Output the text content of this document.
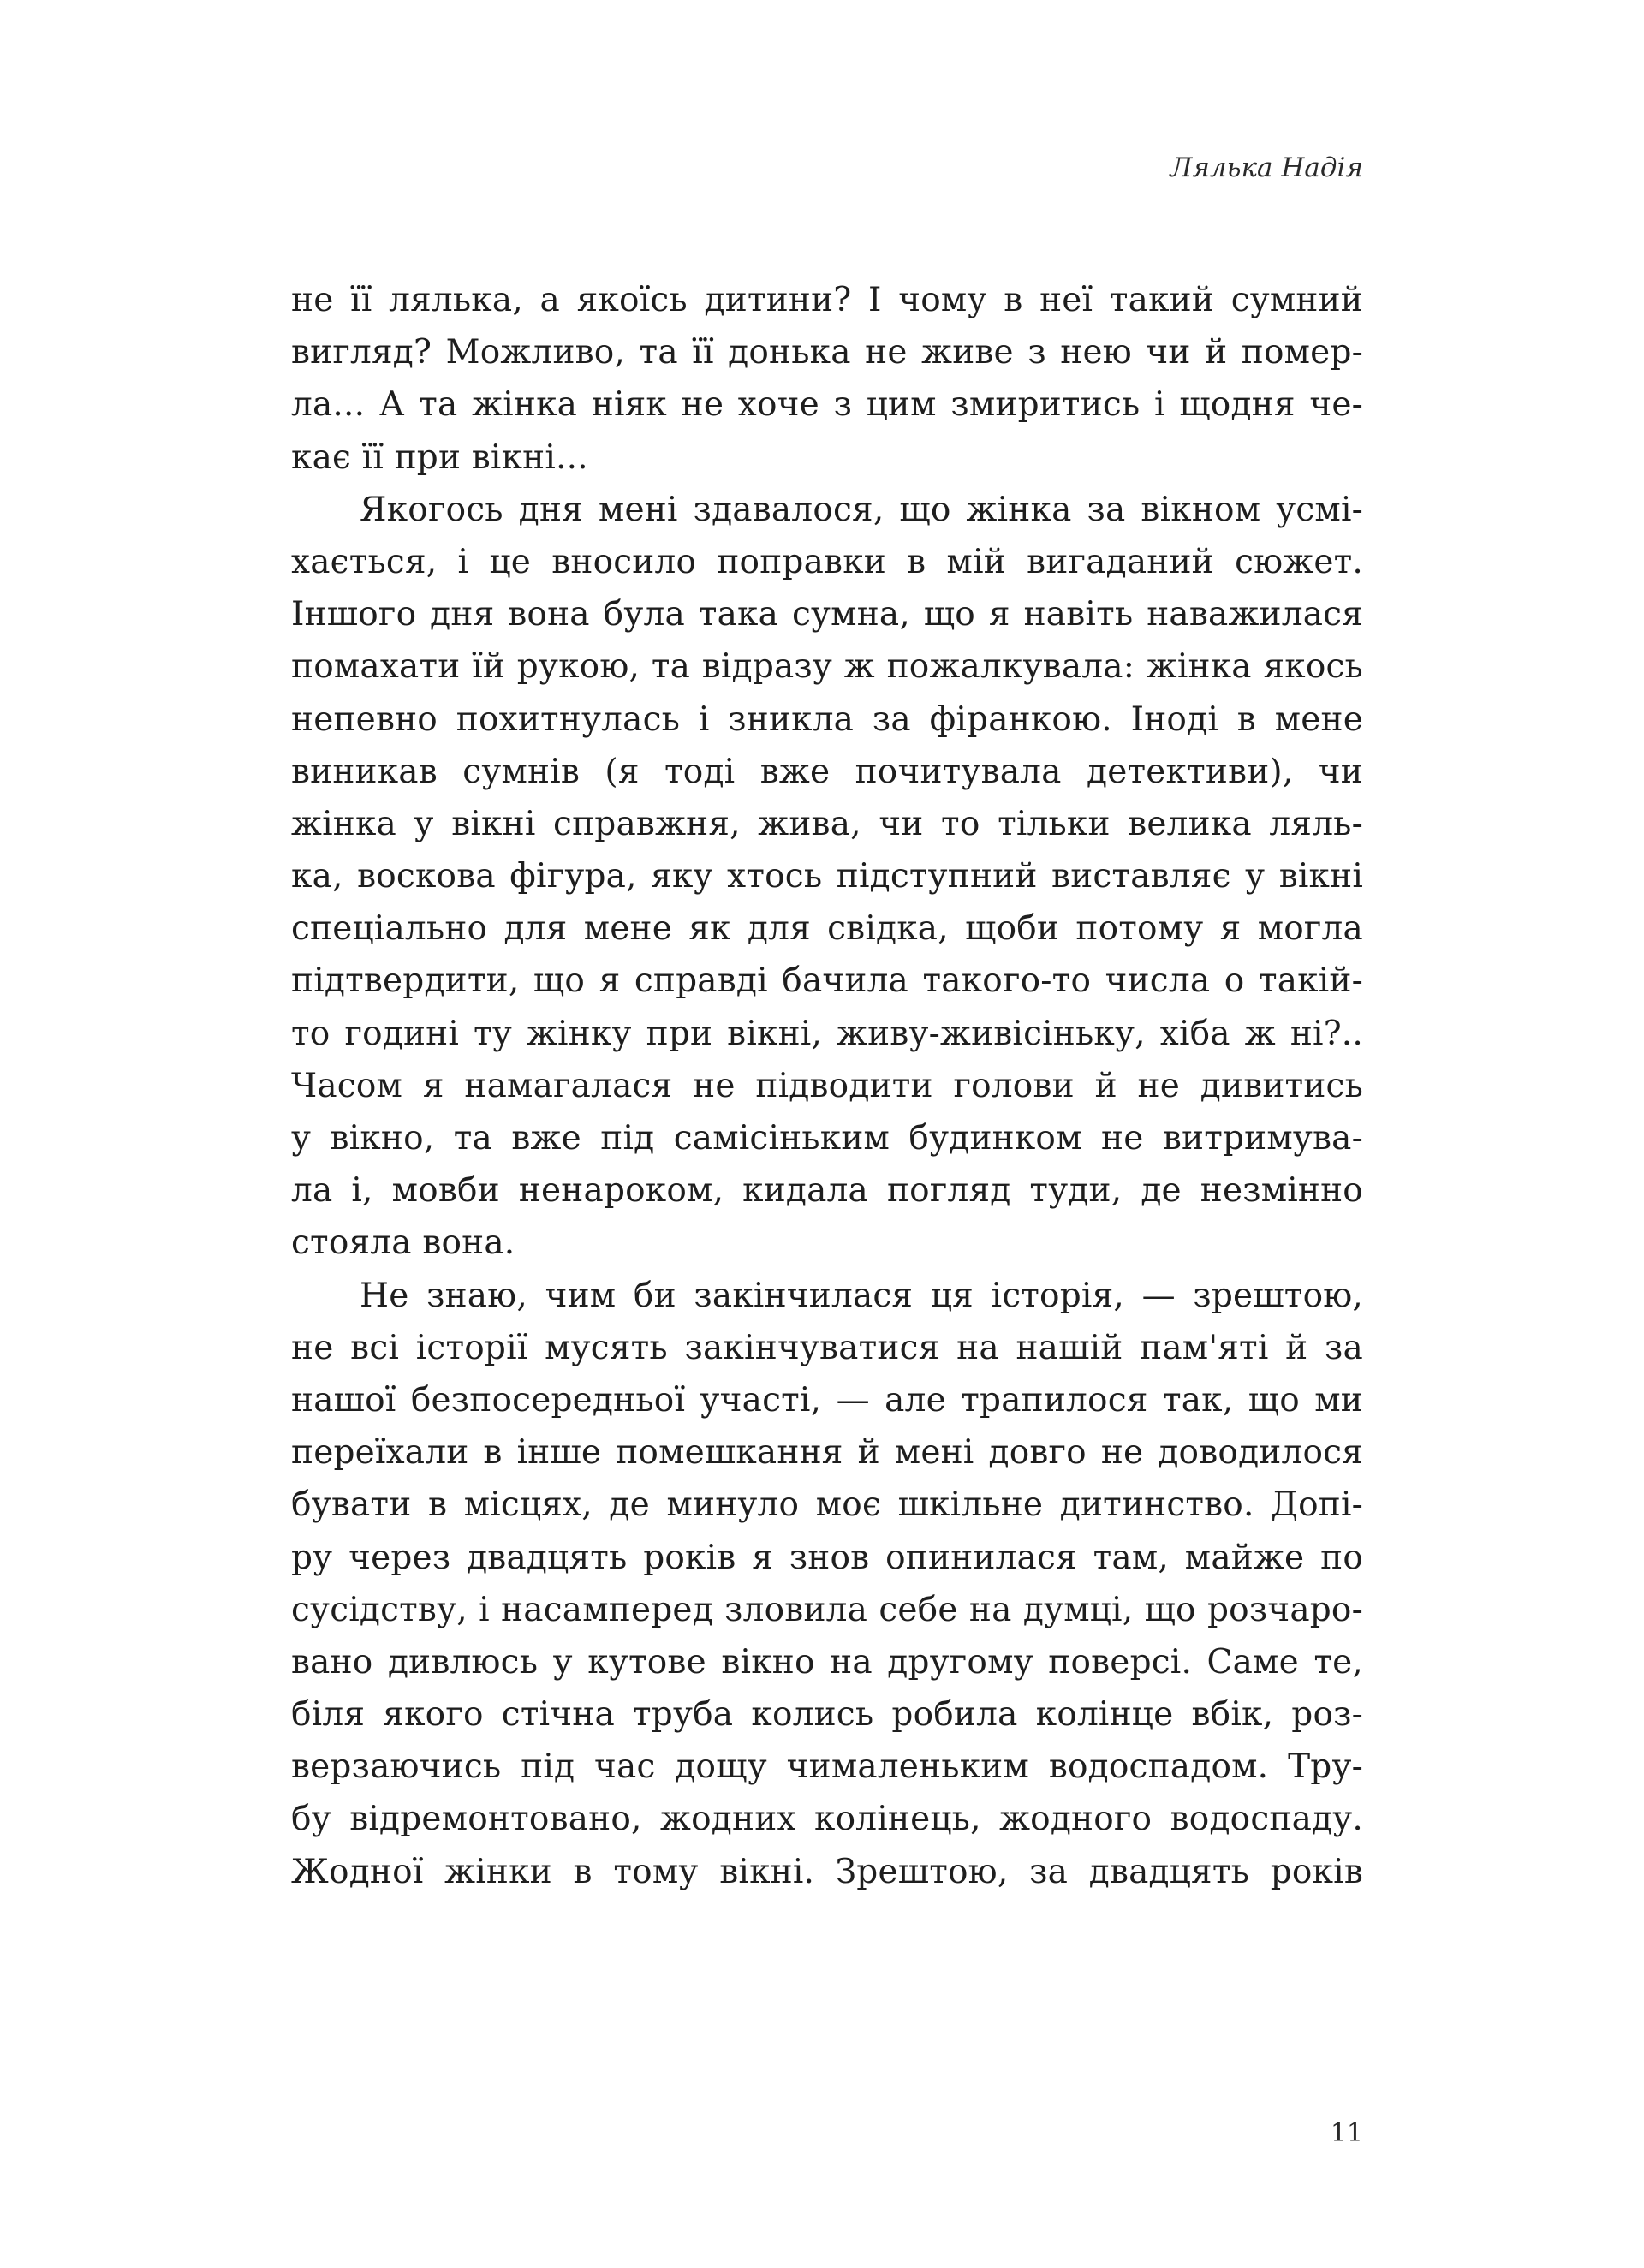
Лялька Надія
не її лялька, а якоїсь дитини? І чому в неї такий сумний
вигляд? Можливо, та її донька не живе з нею чи й помер-
ла... А та жінка ніяк не хоче з цим змиритись і щодня че-
кає її при вікні...
Якогось дня мені здавалося, що жінка за вікном усмі-
хається, і це вносило поправки в мій вигаданий сюжет.
Іншого дня вона була така сумна, що я навіть наважилася
помахати їй рукою, та відразу ж пожалкувала: жінка якось
непевно похитнулась і зникла за фіранкою. Іноді в мене
виникав сумнів (я тоді вже почитувала детективи), чи
жінка у вікні справжня, жива, чи то тільки велика ляль-
ка, воскова фігура, яку хтось підступний виставляє у вікні
спеціально для мене як для свідка, щоби потому я могла
підтвердити, що я справді бачила такого-то числа о такій-
то годині ту жінку при вікні, живу-живісіньку, хіба ж ні?..
Часом я намагалася не підводити голови й не дивитись
у вікно, та вже під самісіньким будинком не витримува-
ла і, мовби ненароком, кидала погляд туди, де незмінно
стояла вона.
Не знаю, чим би закінчилася ця історія, — зрештою,
не всі історії мусять закінчуватися на нашій пам'яті й за
нашої безпосередньої участі, — але трапилося так, що ми
переїхали в інше помешкання й мені довго не доводилося
бувати в місцях, де минуло моє шкільне дитинство. Допі-
ру через двадцять років я знов опинилася там, майже по
сусідству, і насамперед зловила себе на думці, що розчаро-
вано дивлюсь у кутове вікно на другому поверсі. Саме те,
біля якого стічна труба колись робила колінце вбік, роз-
верзаючись під час дощу чималеньким водоспадом. Тру-
бу відремонтовано, жодних колінець, жодного водоспаду.
Жодної жінки в тому вікні. Зрештою, за двадцять років
11
